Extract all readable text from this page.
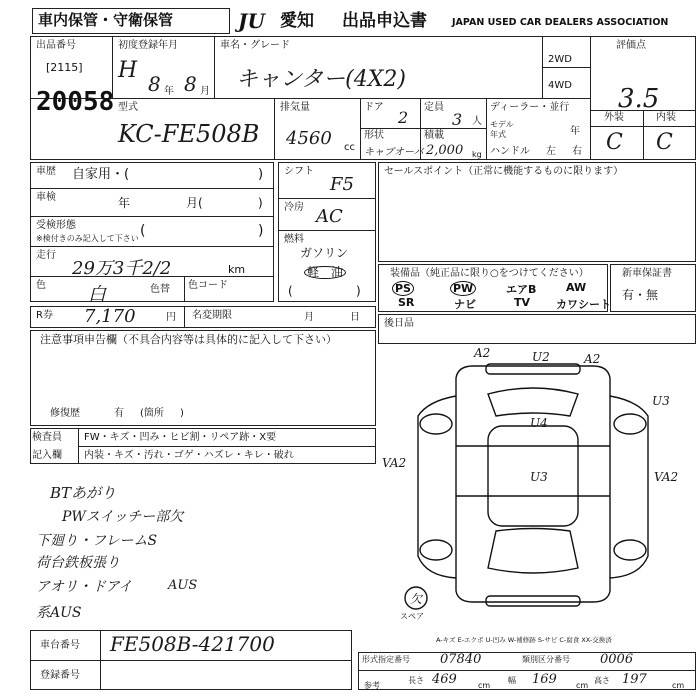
車内保管・守衛保管	JU 愛知 出品申込書	JAPAN USED CAR DEALERS ASSOCIATION
出品番号
[2115]
20058
初度登録年月
H
8 年 8 月
車名・グレード
キャンター(4X2)
2WD
4WD
評価点
3.5
外装	内装
C C
型式
KC-FE508B
排気量
4560 cc
ドア
2
定員
3 人
形状
キャブオーバ
積載
2,000 kg
ディーラー・並行
モデル
年式	年
ハンドル 左 右
車歴 自家用・(	)
車検	年	月(	)
受検形態
※検付きのみ記入して下さい (	)
走行
29万3千2/2	km
色 白	色替 色コード
シフト
F5
冷房 AC
燃料
ガソリン
軽　油
(	)
セールスポイント（正常に機能するものに限ります）
装備品（純正品に限り○をつけてください）
PS	PW	エアB	AW
SR	ナビ	TV カワシート
新車保証書
有・無
R券 7,170	円 名変期限	月	日
後日品
注意事項申告欄（不具合内容等は具体的に記入して下さい）
修復歴	有 (箇所 )
検査員 FW・キズ・凹み・ヒビ割・リペア跡・X要
記入欄 内装・キズ・汚れ・ゴゲ・ハズレ・キレ・破れ
BTあがり
PWスイッチー部欠
下廻り・フレームS
荷台鉄板張り
アオリ・ドアイ	AUS
系AUS
A2	U2	A2
U3
U4
VA2
U3	VA2
欠
スペア
A-キズ E-エクボ U-凹み W-補修跡 S-サビ C-腐食 XX-交換済
車台番号 FE508B-421700
登録番号
形式指定番号 07840	類別区分番号 0006
参考
長さ 469	cm
幅 169 cm
高さ 197	cm
